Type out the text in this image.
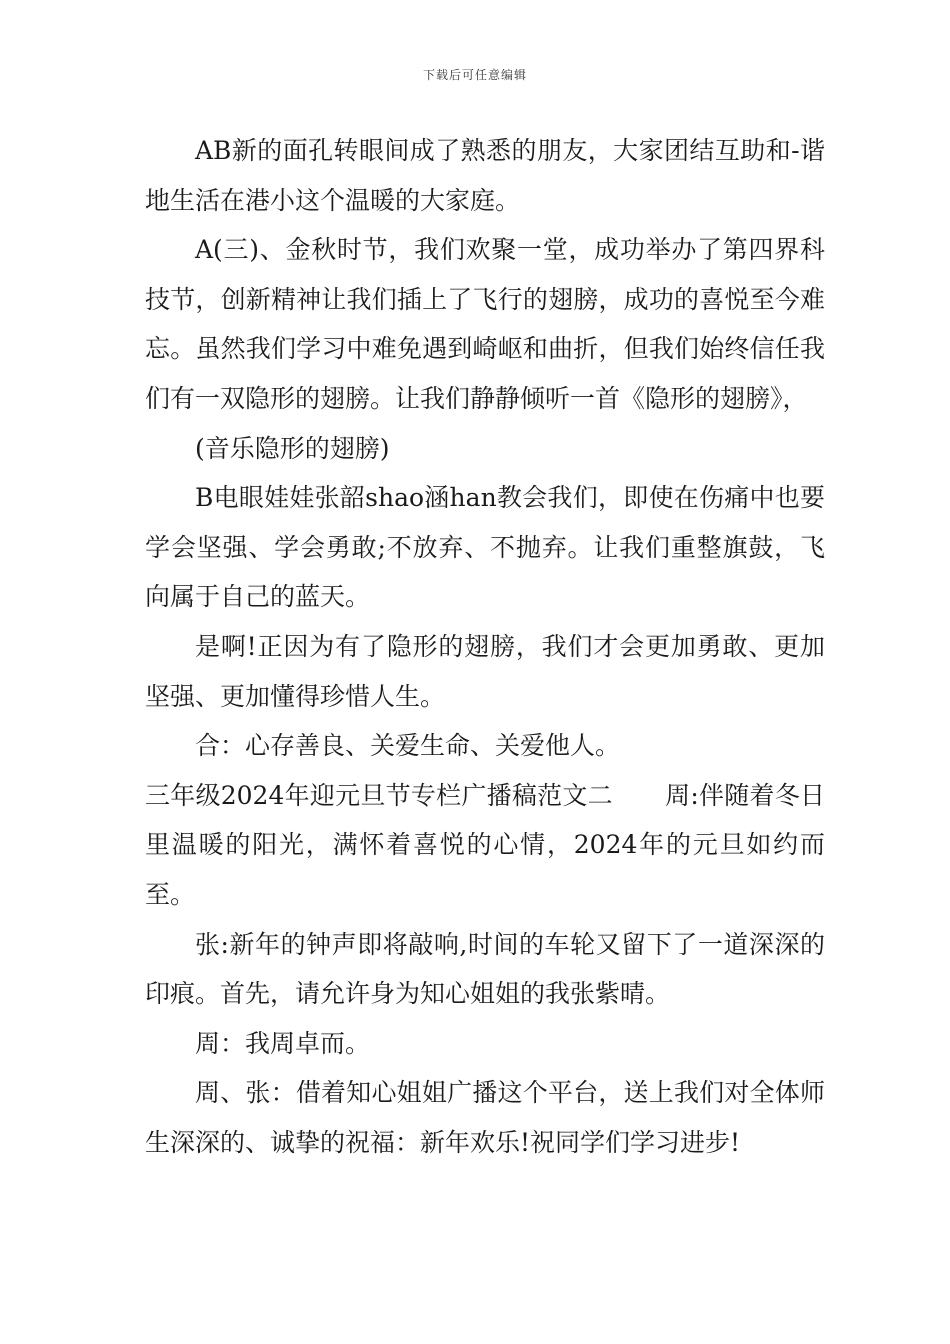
下载后可任意编辑

AB新的面孔转眼间成了熟悉的朋友，大家团结互助和-谐地生活在港小这个温暖的大家庭。

A(三)、金秋时节，我们欢聚一堂，成功举办了第四界科技节，创新精神让我们插上了飞行的翅膀，成功的喜悦至今难忘。虽然我们学习中难免遇到崎岖和曲折，但我们始终信任我们有一双隐形的翅膀。让我们静静倾听一首《隐形的翅膀》，

(音乐隐形的翅膀)

B电眼娃娃张韶shao涵han教会我们，即使在伤痛中也要学会坚强、学会勇敢;不放弃、不抛弃。让我们重整旗鼓，飞向属于自己的蓝天。

是啊!正因为有了隐形的翅膀，我们才会更加勇敢、更加坚强、更加懂得珍惜人生。

合：心存善良、关爱生命、关爱他人。

三年级2024年迎元旦节专栏广播稿范文二 周:伴随着冬日里温暖的阳光，满怀着喜悦的心情，2024年的元旦如约而至。

张:新年的钟声即将敲响,时间的车轮又留下了一道深深的印痕。首先，请允许身为知心姐姐的我张紫晴。

周：我周卓而。

周、张：借着知心姐姐广播这个平台，送上我们对全体师生深深的、诚挚的祝福：新年欢乐!祝同学们学习进步!
